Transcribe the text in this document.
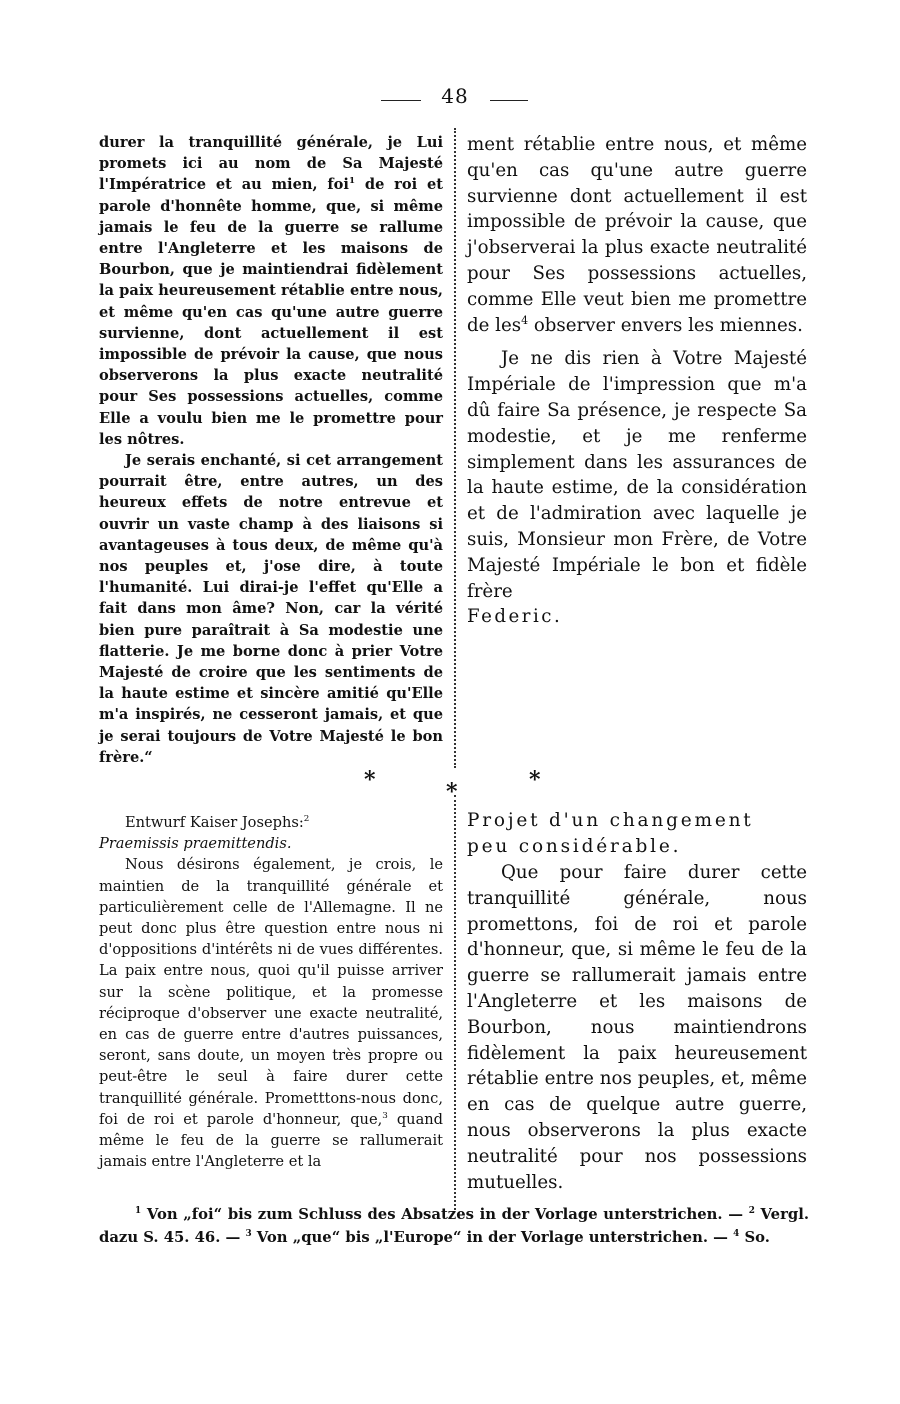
48

durer la tranquillité générale, je Lui promets ici au nom de Sa Majesté l'Impératrice et au mien, foi$^1$ de roi et parole d'honnête homme, que, si même jamais le feu de la guerre se rallume entre l'Angleterre et les maisons de Bourbon, que je maintiendrai fidèlement la paix heureusement rétablie entre nous, et même qu'en cas qu'une autre guerre survienne, dont actuellement il est impossible de prévoir la cause, que nous observerons la plus exacte neutralité pour Ses possessions actuelles, comme Elle a voulu bien me le promettre pour les nôtres.

Je serais enchanté, si cet arrangement pourrait être, entre autres, un des heureux effets de notre entrevue et ouvrir un vaste champ à des liaisons si avantageuses à tous deux, de même qu'à nos peuples et, j'ose dire, à toute l'humanité. Lui dirai-je l'effet qu'Elle a fait dans mon âme? Non, car la vérité bien pure paraîtrait à Sa modestie une flatterie. Je me borne donc à prier Votre Majesté de croire que les sentiments de la haute estime et sincère amitié qu'Elle m'a inspirés, ne cesseront jamais, et que je serai toujours de Votre Majesté le bon frère.“

ment rétablie entre nous, et même qu'en cas qu'une autre guerre survienne dont actuellement il est impossible de prévoir la cause, que j'observerai la plus exacte neutralité pour Ses possessions actuelles, comme Elle veut bien me promettre de les$^4$ observer envers les miennes.

Je ne dis rien à Votre Majesté Impériale de l'impression que m'a dû faire Sa présence, je respecte Sa modestie, et je me renferme simplement dans les assurances de la haute estime, de la considération et de l'admiration avec laquelle je suis, Monsieur mon Frère, de Votre Majesté Impériale le bon et fidèle frère

Federic.

*	*	*

Entwurf Kaiser Josephs:$^2$

Praemissis praemittendis.

Nous désirons également, je crois, le maintien de la tranquillité générale et particulièrement celle de l'Allemagne. Il ne peut donc plus être question entre nous ni d'oppositions d'intérêts ni de vues différentes. La paix entre nous, quoi qu'il puisse arriver sur la scène politique, et la promesse réciproque d'observer une exacte neutralité, en cas de guerre entre d'autres puissances, seront, sans doute, un moyen très propre ou peut-être le seul à faire durer cette tranquillité générale. Prometttons-nous donc, foi de roi et parole d'honneur, que,$^3$ quand même le feu de la guerre se rallumerait jamais entre l'Angleterre et la

Projet d'un changement
peu considérable.

Que pour faire durer cette tranquillité générale, nous promettons, foi de roi et parole d'honneur, que, si même le feu de la guerre se rallumerait jamais entre l'Angleterre et les maisons de Bourbon, nous maintiendrons fidèlement la paix heureusement rétablie entre nos peuples, et, même en cas de quelque autre guerre, nous observerons la plus exacte neutralité pour nos possessions mutuelles.

$^1$ Von „foi“ bis zum Schluss des Absatzes in der Vorlage unterstrichen. — $^2$ Vergl. dazu S. 45. 46. — $^3$ Von „que“ bis „l'Europe“ in der Vorlage unterstrichen. — $^4$ So.
